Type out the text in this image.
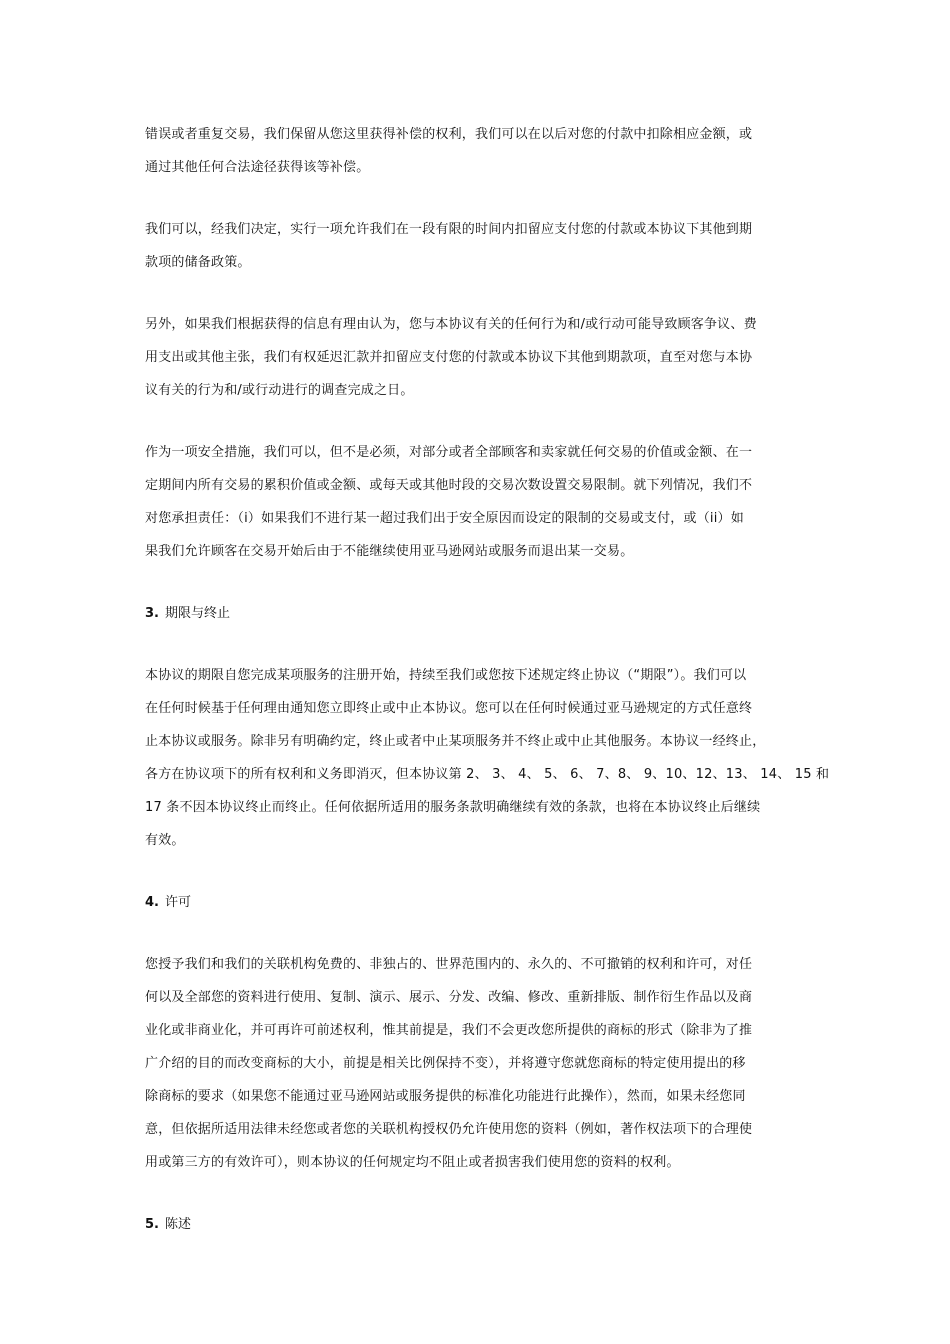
错误或者重复交易，我们保留从您这里获得补偿的权利，我们可以在以后对您的付款中扣除相应金额，或
通过其他任何合法途径获得该等补偿。

我们可以，经我们决定，实行一项允许我们在一段有限的时间内扣留应支付您的付款或本协议下其他到期
款项的储备政策。

另外，如果我们根据获得的信息有理由认为，您与本协议有关的任何行为和/或行动可能导致顾客争议、费
用支出或其他主张，我们有权延迟汇款并扣留应支付您的付款或本协议下其他到期款项，直至对您与本协
议有关的行为和/或行动进行的调查完成之日。

作为一项安全措施，我们可以，但不是必须，对部分或者全部顾客和卖家就任何交易的价值或金额、在一
定期间内所有交易的累积价值或金额、或每天或其他时段的交易次数设置交易限制。就下列情况，我们不
对您承担责任：（i）如果我们不进行某一超过我们出于安全原因而设定的限制的交易或支付，或（ii）如
果我们允许顾客在交易开始后由于不能继续使用亚马逊网站或服务而退出某一交易。

3. 期限与终止

本协议的期限自您完成某项服务的注册开始，持续至我们或您按下述规定终止协议（“期限”）。我们可以
在任何时候基于任何理由通知您立即终止或中止本协议。您可以在任何时候通过亚马逊规定的方式任意终
止本协议或服务。除非另有明确约定，终止或者中止某项服务并不终止或中止其他服务。本协议一经终止，
各方在协议项下的所有权利和义务即消灭，但本协议第 2、 3、 4、 5、 6、 7、8、 9、10、12、13、 14、 15 和
17 条不因本协议终止而终止。任何依据所适用的服务条款明确继续有效的条款，也将在本协议终止后继续
有效。

4. 许可

您授予我们和我们的关联机构免费的、非独占的、世界范围内的、永久的、不可撤销的权利和许可，对任
何以及全部您的资料进行使用、复制、演示、展示、分发、改编、修改、重新排版、制作衍生作品以及商
业化或非商业化，并可再许可前述权利，惟其前提是，我们不会更改您所提供的商标的形式（除非为了推
广介绍的目的而改变商标的大小，前提是相关比例保持不变），并将遵守您就您商标的特定使用提出的移
除商标的要求（如果您不能通过亚马逊网站或服务提供的标准化功能进行此操作），然而，如果未经您同
意，但依据所适用法律未经您或者您的关联机构授权仍允许使用您的资料（例如，著作权法项下的合理使
用或第三方的有效许可），则本协议的任何规定均不阻止或者损害我们使用您的资料的权利。

5. 陈述
